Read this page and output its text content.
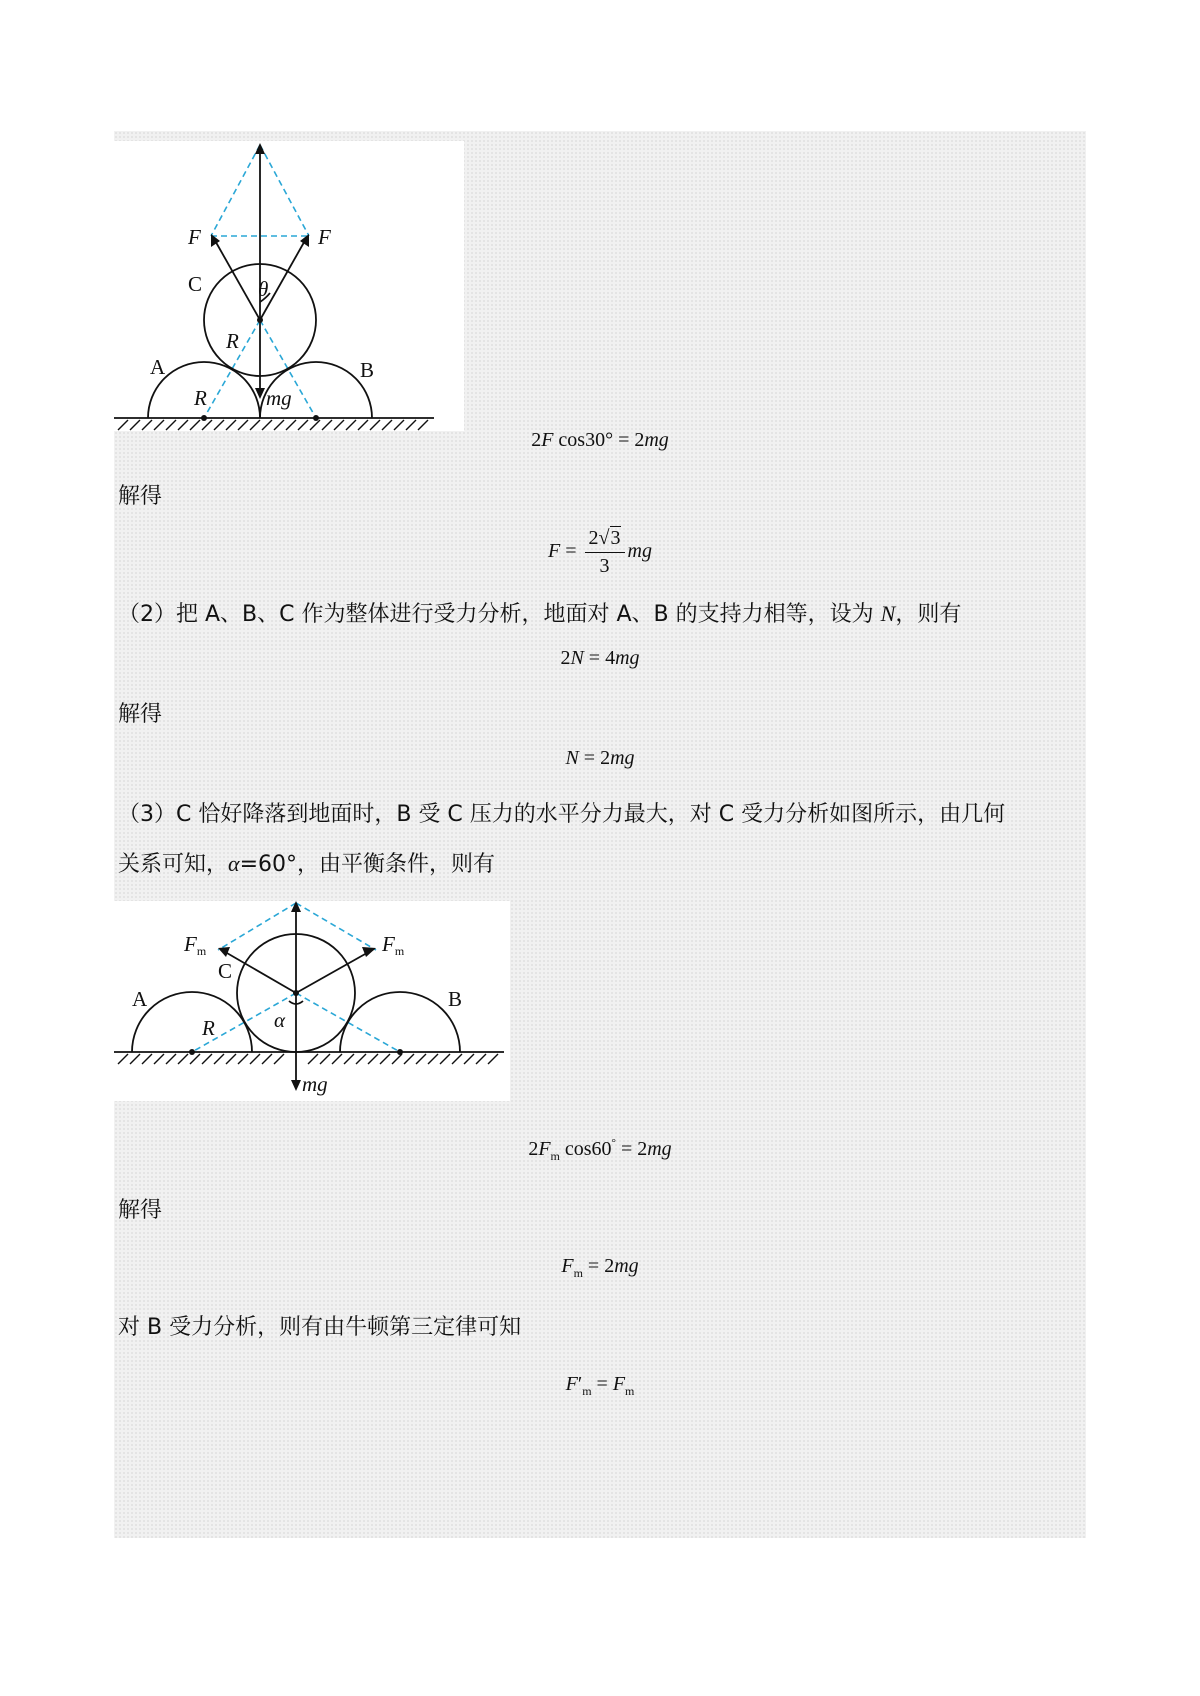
F	F
C	θ
R
A	B
R	mg
2F cos30° = 2mg
解得
$F = \frac{2√3}{3}$ mg
（2）把 A、B、C 作为整体进行受力分析，地面对 A、B 的支持力相等，设为 N，则有
2N = 4mg
解得
N = 2mg
（3）C 恰好降落到地面时，B 受 C 压力的水平分力最大，对 C 受力分析如图所示，由几何
关系可知，α=60°，由平衡条件，则有
Fm	Fm
C
A	B
R	α
mg
$2F_m$ cos60° = 2mg
解得
$F_m = 2mg$
对 B 受力分析，则有由牛顿第三定律可知
$F'_m = F_m$
